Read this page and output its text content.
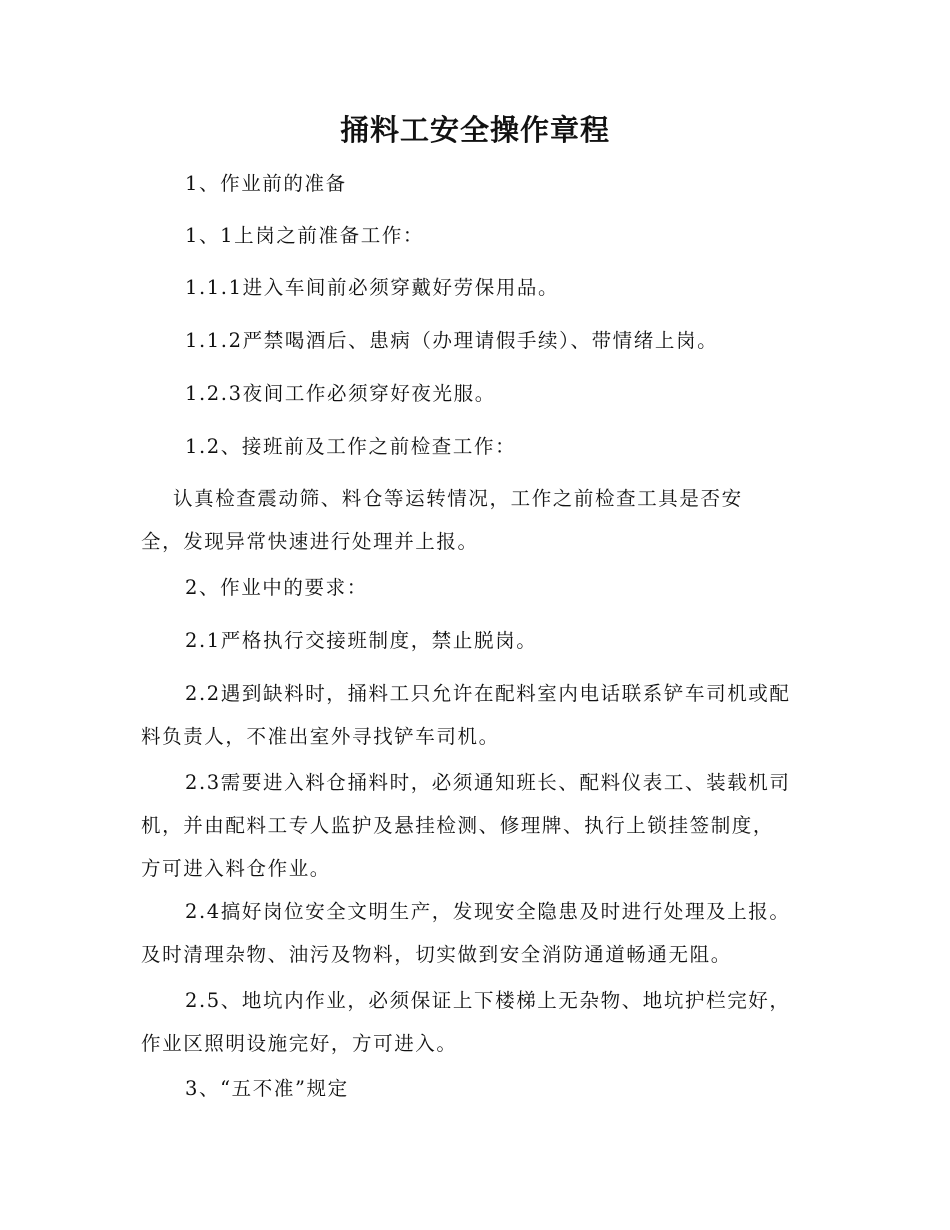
捅料工安全操作章程
1、作业前的准备
1、1上岗之前准备工作：
1.1.1进入车间前必须穿戴好劳保用品。
1.1.2严禁喝酒后、患病（办理请假手续）、带情绪上岗。
1.2.3夜间工作必须穿好夜光服。
1.2、接班前及工作之前检查工作：
认真检查震动筛、料仓等运转情况，工作之前检查工具是否安
全，发现异常快速进行处理并上报。
2、作业中的要求：
2.1严格执行交接班制度，禁止脱岗。
2.2遇到缺料时，捅料工只允许在配料室内电话联系铲车司机或配
料负责人，不准出室外寻找铲车司机。
2.3需要进入料仓捅料时，必须通知班长、配料仪表工、装载机司
机，并由配料工专人监护及悬挂检测、修理牌、执行上锁挂签制度，
方可进入料仓作业。
2.4搞好岗位安全文明生产，发现安全隐患及时进行处理及上报。
及时清理杂物、油污及物料，切实做到安全消防通道畅通无阻。
2.5、地坑内作业，必须保证上下楼梯上无杂物、地坑护栏完好，
作业区照明设施完好，方可进入。
3、“五不准”规定
